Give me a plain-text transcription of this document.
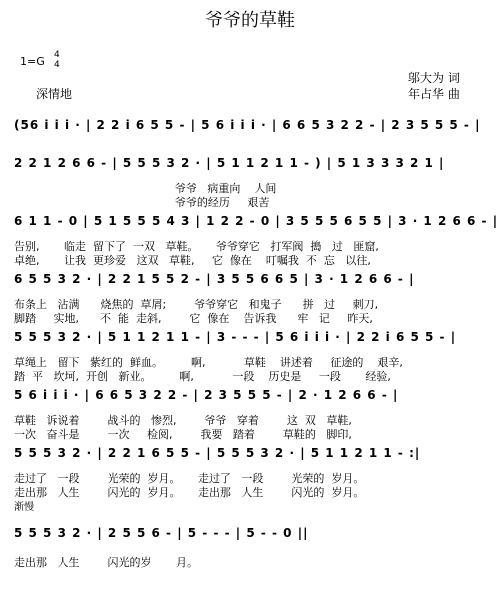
爷爷的草鞋
1=G 4
4
深情地
邬大为 词
年占华 曲
(56 i i i · | 2 2 i 6 5 5 - | 5 6 i i i · | 6 6 5 3 2 2 - | 2 3 5 5 5 - |
2 2 1 2 6 6 - | 5 5 5 3 2 · | 5 1 1 2 1 1 - ) | 5 1 3 3 3 2 1 |
爷爷   病重向    人间
爷爷的经历     艰苦
6 1 1 - 0 | 5 1 5 5 5 4 3 | 1 2 2 - 0 | 3 5 5 5 6 5 5 | 3 · 1 2 6 6 - |
告别,       临走  留下了  一双   草鞋。     爷爷穿它   打军阀  搗   过   匪窟,
卓绝,       让我  更珍爱   这双   草鞋,     它  像在    叮嘱我  不  忘   以往,
6 5 5 3 2 · | 2 2 1 5 5 2 - | 3 5 5 6 6 5 | 3 · 1 2 6 6 - |
布条上   沾满      烧焦的  草屑;        爷爷穿它   和鬼子      拼   过     刺刀,
脚踏     实地,      不  能  走斜,        它  像在    告诉我      牢   记     昨天,
5 5 5 3 2 · | 5 1 1 2 1 1 - | 3 - - - | 5 6 i i i · | 2 2 i 6 5 5 - |
草绳上   留下   紫红的  鲜血。        啊,           草鞋    讲述着     征途的    艰辛,
踏  平   坎坷,  开创   新业。        啊,           一段    历史是     一段       经验,
5 6 i i i · | 6 6 5 3 2 2 - | 2 3 5 5 5 - | 2 · 1 2 6 6 - |
草鞋   诉说着        战斗的   惨烈,        爷爷   穿着        这  双   草鞋,
一次   奋斗是        一次     检阅,        我要   踏着        草鞋的   脚印,
5 5 5 3 2 · | 2 2 1 6 5 5 - | 5 5 5 3 2 · | 5 1 1 2 1 1 - :|
走过了   一段        光荣的  岁月。     走过了   一段        光荣的  岁月。
走出那   人生        闪光的  岁月。     走出那   人生        闪光的  岁月。
渐慢
5 5 5 3 2 · | 2 5 5 6 - | 5 - - - | 5 - - 0 ||
走出那   人生        闪光的岁       月。
